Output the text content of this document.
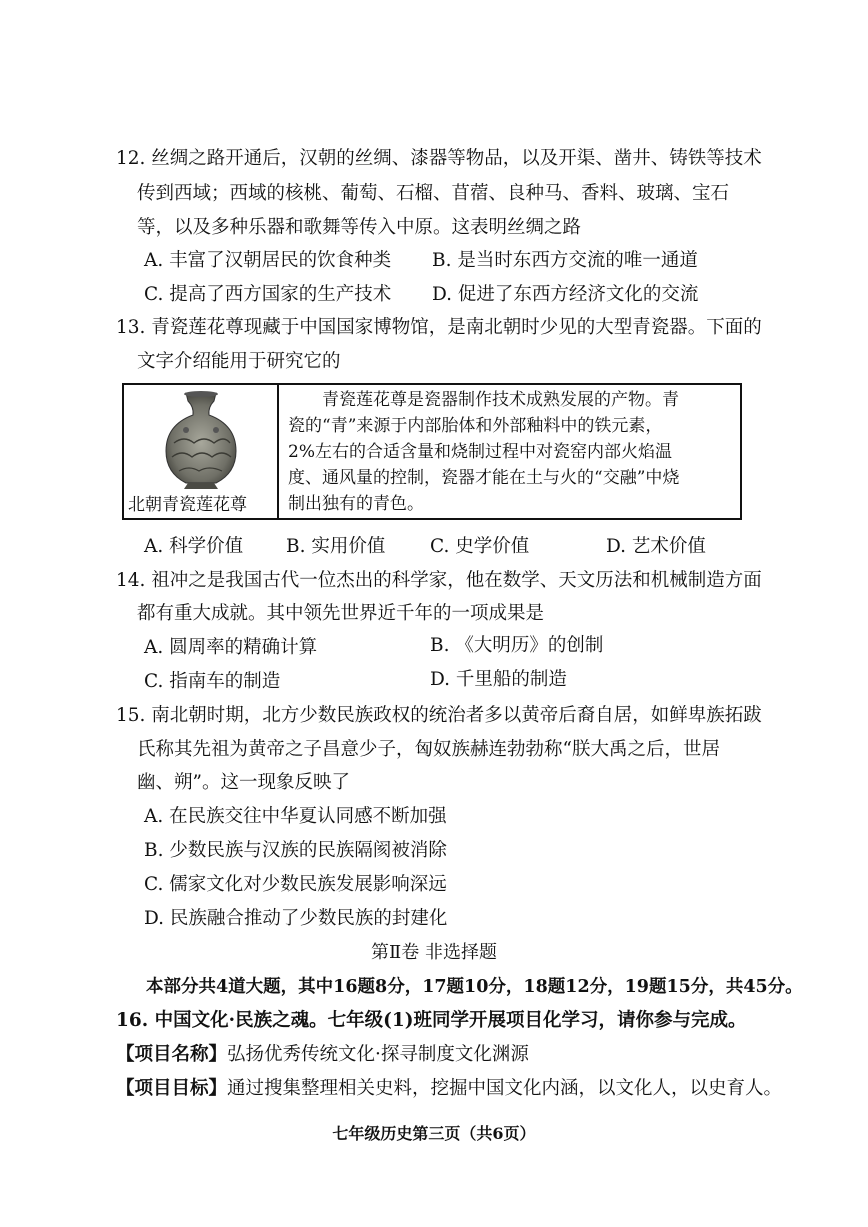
12. 丝绸之路开通后，汉朝的丝绸、漆器等物品，以及开渠、凿井、铸铁等技术
传到西域；西域的核桃、葡萄、石榴、苜蓿、良种马、香料、玻璃、宝石
等，以及多种乐器和歌舞等传入中原。这表明丝绸之路
A. 丰富了汉朝居民的饮食种类 B. 是当时东西方交流的唯一通道
C. 提高了西方国家的生产技术 D. 促进了东西方经济文化的交流
13. 青瓷莲花尊现藏于中国国家博物馆，是南北朝时少见的大型青瓷器。下面的
文字介绍能用于研究它的
北朝青瓷莲花尊
青瓷莲花尊是瓷器制作技术成熟发展的产物。青
瓷的“青”来源于内部胎体和外部釉料中的铁元素，
2%左右的合适含量和烧制过程中对瓷窑内部火焰温
度、通风量的控制，瓷器才能在土与火的“交融”中烧
制出独有的青色。
A. 科学价值 B. 实用价值 C. 史学价值	D. 艺术价值
14. 祖冲之是我国古代一位杰出的科学家，他在数学、天文历法和机械制造方面
都有重大成就。其中领先世界近千年的一项成果是
A. 圆周率的精确计算	B. 《大明历》的创制
C. 指南车的制造	D. 千里船的制造
15. 南北朝时期，北方少数民族政权的统治者多以黄帝后裔自居，如鲜卑族拓跋
氏称其先祖为黄帝之子昌意少子，匈奴族赫连勃勃称“朕大禹之后，世居
幽、朔”。这一现象反映了
A. 在民族交往中华夏认同感不断加强
B. 少数民族与汉族的民族隔阂被消除
C. 儒家文化对少数民族发展影响深远
D. 民族融合推动了少数民族的封建化
第Ⅱ卷 非选择题
本部分共4道大题，其中16题8分，17题10分，18题12分，19题15分，共45分。
16. 中国文化·民族之魂。七年级(1)班同学开展项目化学习，请你参与完成。
【项目名称】弘扬优秀传统文化·探寻制度文化渊源
【项目目标】通过搜集整理相关史料，挖掘中国文化内涵，以文化人，以史育人。
七年级历史第三页（共6页）
